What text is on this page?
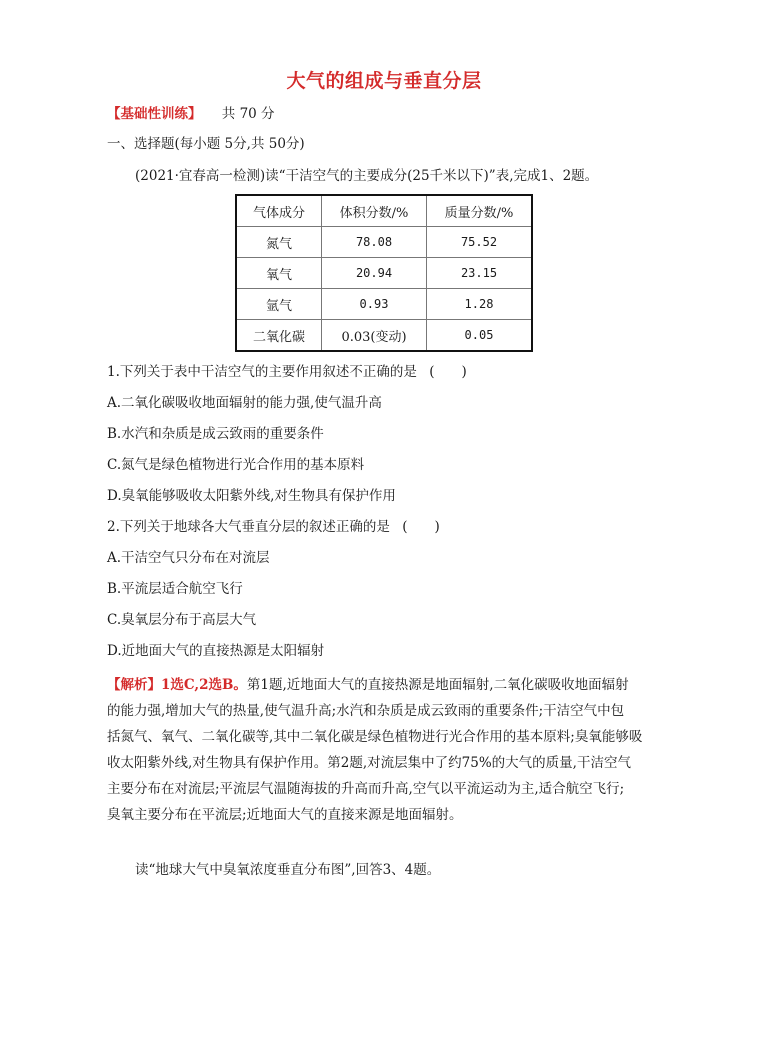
大气的组成与垂直分层
【基础性训练】 共 70 分
一、选择题(每小题 5分,共 50分)
(2021·宜春高一检测)读“干洁空气的主要成分(25千米以下)”表,完成1、2题。
气体成分	体积分数/%	质量分数/%
氮气	78.08	75.52
氧气	20.94	23.15
氩气	0.93	1.28
二氧化碳	0.03(变动)	0.05
1.下列关于表中干洁空气的主要作用叙述不正确的是 (　　)
A.二氧化碳吸收地面辐射的能力强,使气温升高
B.水汽和杂质是成云致雨的重要条件
C.氮气是绿色植物进行光合作用的基本原料
D.臭氧能够吸收太阳紫外线,对生物具有保护作用
2.下列关于地球各大气垂直分层的叙述正确的是 (　　)
A.干洁空气只分布在对流层
B.平流层适合航空飞行
C.臭氧层分布于高层大气
D.近地面大气的直接热源是太阳辐射
【解析】1选C,2选B。第1题,近地面大气的直接热源是地面辐射,二氧化碳吸收地面辐射
的能力强,增加大气的热量,使气温升高;水汽和杂质是成云致雨的重要条件;干洁空气中包
括氮气、氧气、二氧化碳等,其中二氧化碳是绿色植物进行光合作用的基本原料;臭氧能够吸
收太阳紫外线,对生物具有保护作用。第2题,对流层集中了约75%的大气的质量,干洁空气
主要分布在对流层;平流层气温随海拔的升高而升高,空气以平流运动为主,适合航空飞行;
臭氧主要分布在平流层;近地面大气的直接来源是地面辐射。
读“地球大气中臭氧浓度垂直分布图”,回答3、4题。
